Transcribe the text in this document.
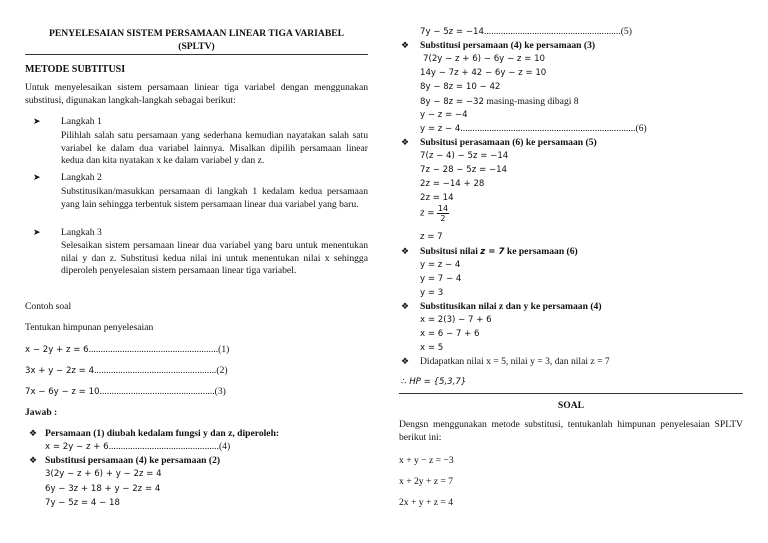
PENYELESAIAN SISTEM PERSAMAAN LINEAR TIGA VARIABEL
(SPLTV)
METODE SUBTITUSI
Untuk menyelesaikan sistem persamaan liniear tiga variabel dengan menggunakan substitusi, digunakan langkah-langkah sebagai berikut:
➤ Langkah 1
Pilihlah salah satu persamaan yang sederhana kemudian nayatakan salah satu variabel ke dalam dua variabel lainnya. Misalkan dipilih persamaan linear kedua dan kita nyatakan x ke dalam variabel y dan z.
➤ Langkah 2
Substitusikan/masukkan persamaan di langkah 1 kedalam kedua persamaan yang lain sehingga terbentuk sistem persamaan linear dua variabel yang baru.
➤ Langkah 3
Selesaikan sistem persamaan linear dua variabel yang baru untuk menentukan nilai y dan z. Substitusi kedua nilai ini untuk menentukan nilai x sehingga diperoleh penyelesaian sistem persamaan linear tiga variabel.
Contoh soal
Tentukan himpunan penyelesaian
x − 2y + z = 6......................................................(1)
3x + y − 2z = 4...................................................(2)
7x − 6y − z = 10................................................(3)
Jawab :
❖ Persamaan (1) diubah kedalam fungsi y dan z, diperoleh:
x = 2y − z + 6..............................................(4)
❖ Substitusi persamaan (4) ke persamaan (2)
3(2y − z + 6) + y − 2z = 4
6y − 3z + 18 + y − 2z = 4
7y − 5z = 4 − 18
7y − 5z = −14.........................................................(5)
❖ Substitusi persamaan (4) ke persamaan (3)
7(2y − z + 6) − 6y − z = 10
14y − 7z + 42 − 6y − z = 10
8y − 8z = 10 − 42
8y − 8z = −32 masing-masing dibagi 8
y − z = −4
y = z − 4.........................................................................(6)
❖ Subsitusi perasamaan (6) ke persamaan (5)
7(z − 4) − 5z = −14
7z − 28 − 5z = −14
2z = −14 + 28
2z = 14
$z = \frac{14}{2}$
z = 7
❖ Subsitusi nilai z = 7 ke persamaan (6)
y = z − 4
y = 7 − 4
y = 3
❖ Substitusikan nilai z dan y ke persamaan (4)
x = 2(3) − 7 + 6
x = 6 − 7 + 6
x = 5
❖ Didapatkan nilai x = 5, nilai y = 3, dan nilai z = 7
∴ HP = {5,3,7}
SOAL
Dengsn menggunakan metode substitusi, tentukanlah himpunan penyelesaian SPLTV berikut ini:
x + y − z = −3
x + 2y + z = 7
2x + y + z = 4
